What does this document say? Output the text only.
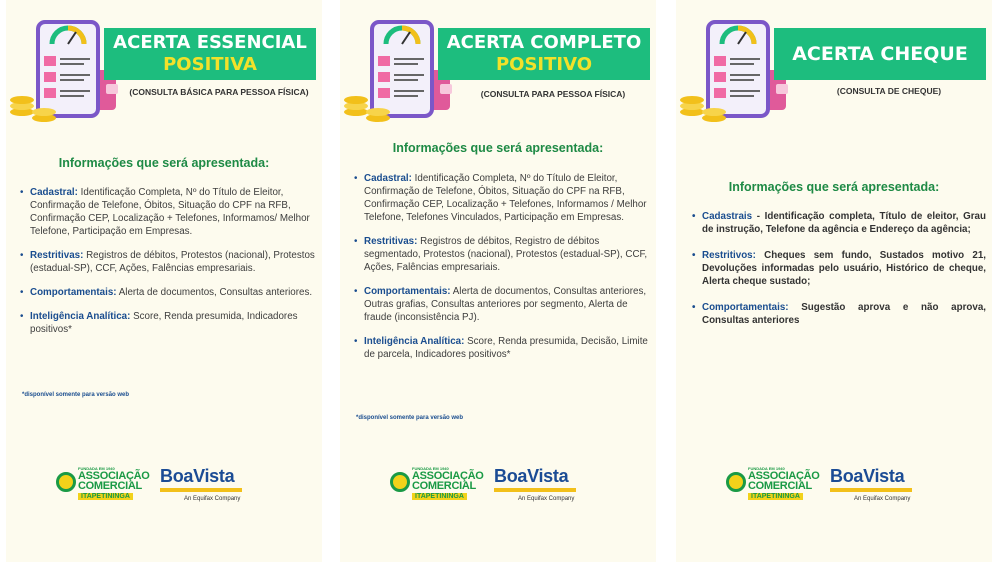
ACERTA ESSENCIAL
POSITIVA
(CONSULTA BÁSICA PARA PESSOA FÍSICA)
Informações que será apresentada:
• Cadastral: Identificação Completa, Nº do Título de Eleitor, Confirmação de Telefone, Óbitos, Situação do CPF na RFB, Confirmação CEP, Localização + Telefones, Informamos/ Melhor Telefone, Participação em Empresas.
• Restritivas: Registros de débitos, Protestos (nacional), Protestos (estadual-SP), CCF, Ações, Falências empresariais.
• Comportamentais: Alerta de documentos, Consultas anteriores.
• Inteligência Analítica: Score, Renda presumida, Indicadores positivos*
*disponível somente para versão web
FUNDADA EM 1940
ASSOCIAÇÃO
COMERCIAL
ITAPETININGA
BoaVista
An Equifax Company
ACERTA COMPLETO
POSITIVO
(CONSULTA PARA PESSOA FÍSICA)
Informações que será apresentada:
• Cadastral: Identificação Completa, Nº do Título de Eleitor, Confirmação de Telefone, Óbitos, Situação do CPF na RFB, Confirmação CEP, Localização + Telefones, Informamos / Melhor Telefone, Telefones Vinculados, Participação em Empresas.
• Restritivas: Registros de débitos, Registro de débitos segmentado, Protestos (nacional), Protestos (estadual-SP), CCF, Ações, Falências empresariais.
• Comportamentais: Alerta de documentos, Consultas anteriores, Outras grafias, Consultas anteriores por segmento, Alerta de fraude (inconsistência PJ).
• Inteligência Analítica: Score, Renda presumida, Decisão, Limite de parcela, Indicadores positivos*
*disponível somente para versão web
FUNDADA EM 1940
ASSOCIAÇÃO
COMERCIAL
ITAPETININGA
BoaVista
An Equifax Company
ACERTA CHEQUE
(CONSULTA DE CHEQUE)
Informações que será apresentada:
• Cadastrais - Identificação completa, Título de eleitor, Grau de instrução, Telefone da agência e Endereço da agência;
• Restritivos: Cheques sem fundo, Sustados motivo 21, Devoluções informadas pelo usuário, Histórico de cheque, Alerta cheque sustado;
• Comportamentais: Sugestão aprova e não aprova, Consultas anteriores
FUNDADA EM 1940
ASSOCIAÇÃO
COMERCIAL
ITAPETININGA
BoaVista
An Equifax Company
